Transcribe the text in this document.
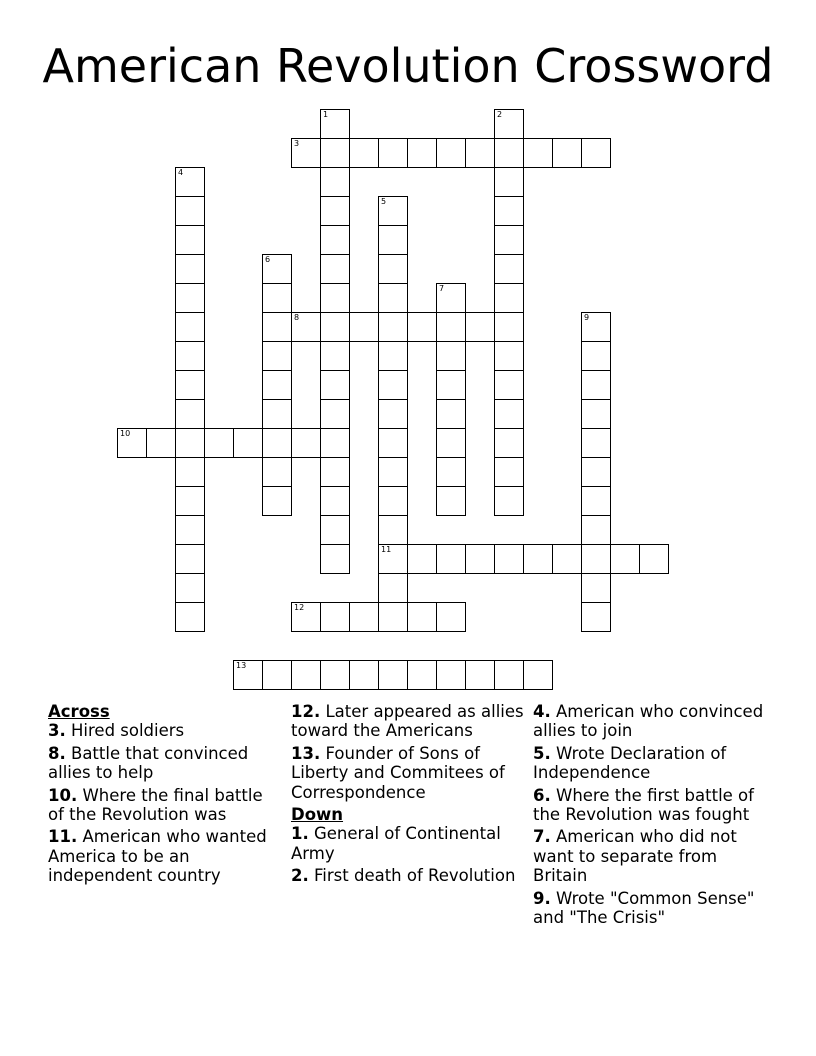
American Revolution Crossword
1	2
3
4
5
11
6
7
8	9
10
12
13
Across
3. Hired soldiers
8. Battle that convinced allies to help
10. Where the final battle of the Revolution was
11. American who wanted America to be an independent country
12. Later appeared as allies toward the Americans
13. Founder of Sons of Liberty and Commitees of Correspondence
Down
1. General of Continental Army
2. First death of Revolution
4. American who convinced allies to join
5. Wrote Declaration of Independence
6. Where the first battle of the Revolution was fought
7. American who did not want to separate from Britain
9. Wrote "Common Sense" and "The Crisis"
